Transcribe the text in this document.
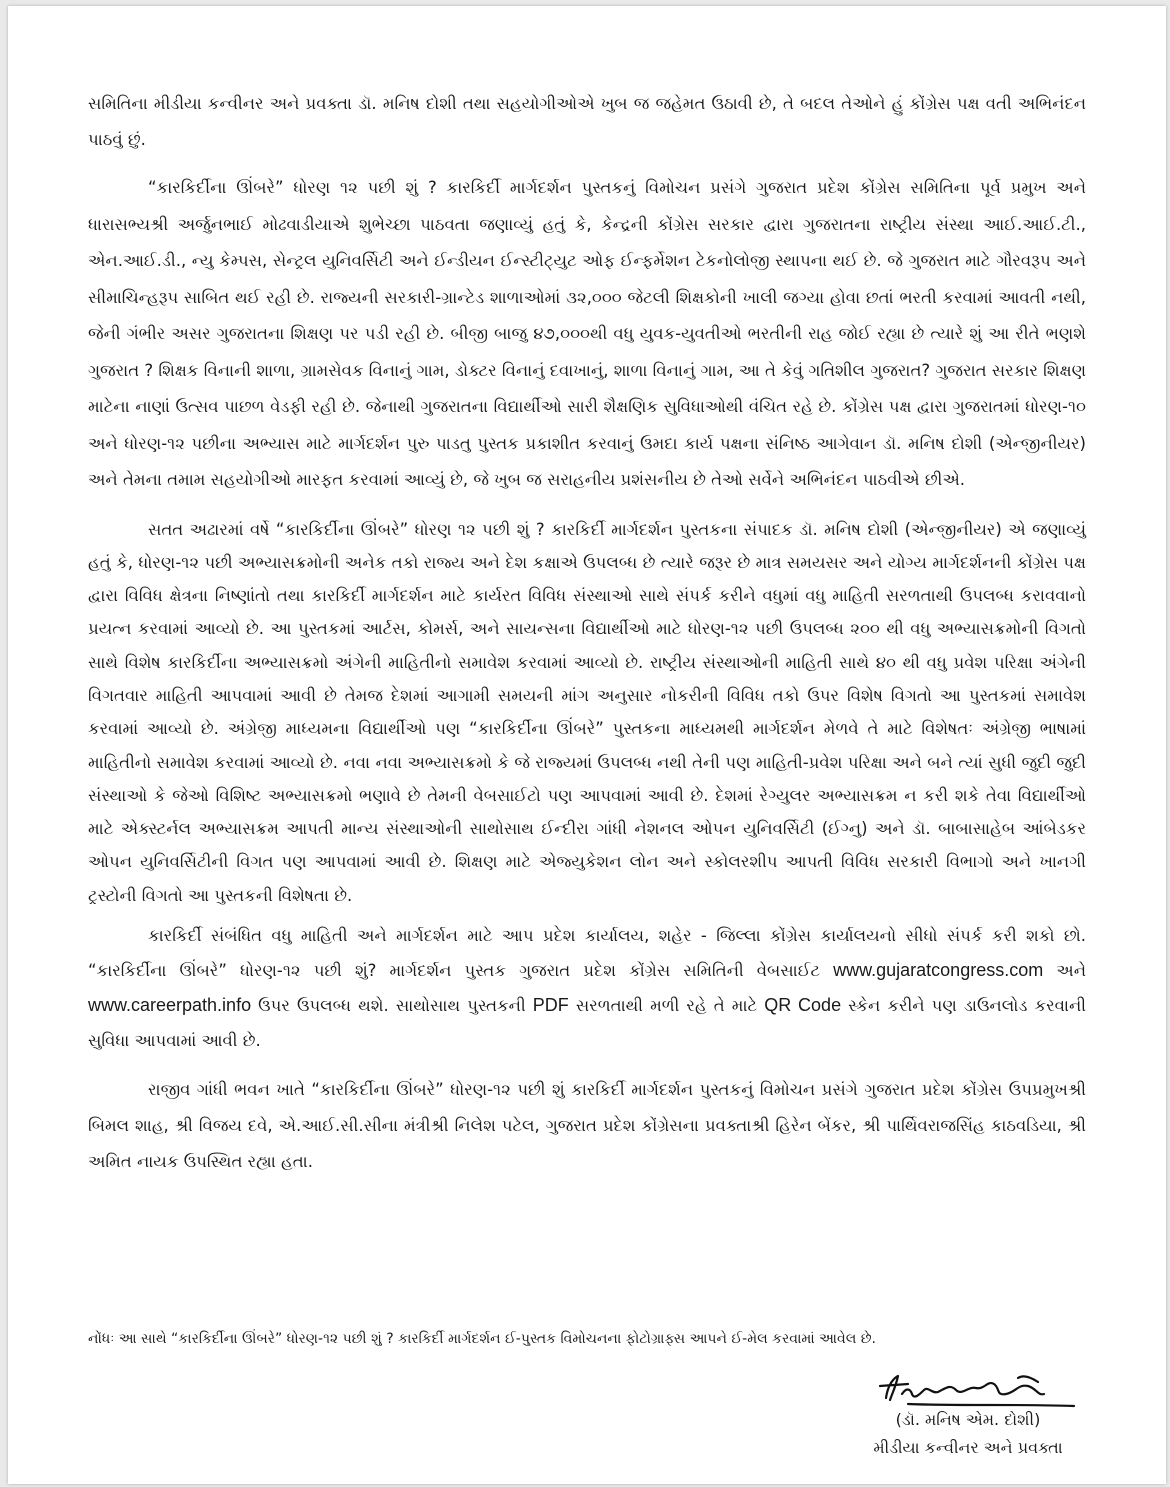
સમિતિના મીડીયા કન્વીનર અને પ્રવક્તા ડૉ. મનિષ દોશી તથા સહયોગીઓએ ખુબ જ જહેમત ઉઠાવી છે, તે બદલ તેઓને હું કોંગ્રેસ પક્ષ વતી અભિનંદન પાઠવું છું.

“કારકિર્દીના ઊંબરે” ધોરણ ૧૨ પછી શું ? કારકિર્દી માર્ગદર્શન પુસ્તકનું વિમોચન પ્રસંગે ગુજરાત પ્રદેશ કોંગ્રેસ સમિતિના પૂર્વ પ્રમુખ અને ધારાસભ્યશ્રી અર્જુનભાઈ મોઢવાડીયાએ શુભેચ્છા પાઠવતા જણાવ્યું હતું કે, કેન્દ્રની કોંગ્રેસ સરકાર દ્વારા ગુજરાતના રાષ્ટ્રીય સંસ્થા આઈ.આઈ.ટી., એન.આઈ.ડી., ન્યુ કેમ્પસ, સેન્ટ્રલ યુનિવર્સિટી અને ઈન્ડીયન ઈન્સ્ટીટ્યુટ ઓફ ઈન્ફર્મેશન ટેકનોલોજી સ્થાપના થઈ છે. જે ગુજરાત માટે ગૌરવરૂપ અને સીમાચિન્હરૂપ સાબિત થઈ રહી છે. રાજ્યની સરકારી-ગ્રાન્ટેડ શાળાઓમાં ૩૨,૦૦૦ જેટલી શિક્ષકોની ખાલી જગ્યા હોવા છતાં ભરતી કરવામાં આવતી નથી, જેની ગંભીર અસર ગુજરાતના શિક્ષણ પર પડી રહી છે. બીજી બાજુ ૪૭,૦૦૦થી વધુ યુવક-યુવતીઓ ભરતીની રાહ જોઈ રહ્યા છે ત્યારે શું આ રીતે ભણશે ગુજરાત ? શિક્ષક વિનાની શાળા, ગ્રામસેવક વિનાનું ગામ, ડોક્ટર વિનાનું દવાખાનું, શાળા વિનાનું ગામ, આ તે કેવું ગતિશીલ ગુજરાત? ગુજરાત સરકાર શિક્ષણ માટેના નાણાં ઉત્સવ પાછળ વેડફી રહી છે. જેનાથી ગુજરાતના વિદ્યાર્થીઓ સારી શૈક્ષણિક સુવિધાઓથી વંચિત રહે છે. કોંગ્રેસ પક્ષ દ્વારા ગુજરાતમાં ધોરણ-૧૦ અને ધોરણ-૧૨ પછીના અભ્યાસ માટે માર્ગદર્શન પુરુ પાડતુ પુસ્તક પ્રકાશીત કરવાનું ઉમદા કાર્ય પક્ષના સંનિષ્ઠ આગેવાન ડૉ. મનિષ દોશી (એન્જીનીયર) અને તેમના તમામ સહયોગીઓ મારફત કરવામાં આવ્યું છે, જે ખુબ જ સરાહનીય પ્રશંસનીય છે તેઓ સર્વેને અભિનંદન પાઠવીએ છીએ.

સતત અઢારમાં વર્ષે “કારકિર્દીના ઊંબરે” ધોરણ ૧૨ પછી શું ? કારકિર્દી માર્ગદર્શન પુસ્તકના સંપાદક ડૉ. મનિષ દોશી (એન્જીનીયર) એ જણાવ્યું હતું કે, ધોરણ-૧૨ પછી અભ્યાસક્રમોની અનેક તકો રાજ્ય અને દેશ કક્ષાએ ઉપલબ્ધ છે ત્યારે જરૂર છે માત્ર સમયસર અને યોગ્ય માર્ગદર્શનની કોંગ્રેસ પક્ષ દ્વારા વિવિધ ક્ષેત્રના નિષ્ણાંતો તથા કારકિર્દી માર્ગદર્શન માટે કાર્યરત વિવિધ સંસ્થાઓ સાથે સંપર્ક કરીને વધુમાં વધુ માહિતી સરળતાથી ઉપલબ્ધ કરાવવાનો પ્રયત્ન કરવામાં આવ્યો છે. આ પુસ્તકમાં આર્ટસ, કોમર્સ, અને સાયન્સના વિદ્યાર્થીઓ માટે ધોરણ-૧૨ પછી ઉપલબ્ધ ૨૦૦ થી વધુ અભ્યાસક્રમોની વિગતો સાથે વિશેષ કારકિર્દીના અભ્યાસક્રમો અંગેની માહિતીનો સમાવેશ કરવામાં આવ્યો છે. રાષ્ટ્રીય સંસ્થાઓની માહિતી સાથે ૪૦ થી વધુ પ્રવેશ પરિક્ષા અંગેની વિગતવાર માહિતી આપવામાં આવી છે તેમજ દેશમાં આગામી સમયની માંગ અનુસાર નોકરીની વિવિધ તકો ઉપર વિશેષ વિગતો આ પુસ્તકમાં સમાવેશ કરવામાં આવ્યો છે. અંગ્રેજી માધ્યમના વિદ્યાર્થીઓ પણ “કારકિર્દીના ઊંબરે” પુસ્તકના માધ્યમથી માર્ગદર્શન મેળવે તે માટે વિશેષતઃ અંગ્રેજી ભાષામાં માહિતીનો સમાવેશ કરવામાં આવ્યો છે. નવા નવા અભ્યાસક્રમો કે જે રાજ્યમાં ઉપલબ્ધ નથી તેની પણ માહિતી-પ્રવેશ પરિક્ષા અને બને ત્યાં સુધી જુદી જુદી સંસ્થાઓ કે જેઓ વિશિષ્ટ અભ્યાસક્રમો ભણાવે છે તેમની વેબસાઈટો પણ આપવામાં આવી છે. દેશમાં રેગ્યુલર અભ્યાસક્રમ ન કરી શકે તેવા વિદ્યાર્થીઓ માટે એક્સ્ટર્નલ અભ્યાસક્રમ આપતી માન્ય સંસ્થાઓની સાથોસાથ ઈન્દીરા ગાંધી નેશનલ ઓપન યુનિવર્સિટી (ઈગ્નુ) અને ડૉ. બાબાસાહેબ આંબેડકર ઓપન યુનિવર્સિટીની વિગત પણ આપવામાં આવી છે. શિક્ષણ માટે એજ્યુકેશન લોન અને સ્કોલરશીપ આપતી વિવિધ સરકારી વિભાગો અને ખાનગી ટ્રસ્ટોની વિગતો આ પુસ્તકની વિશેષતા છે.

કારકિર્દી સંબંધિત વધુ માહિતી અને માર્ગદર્શન માટે આપ પ્રદેશ કાર્યાલય, શહેર - જિલ્લા કોંગ્રેસ કાર્યાલયનો સીધો સંપર્ક કરી શકો છો. “કારકિર્દીના ઊંબરે” ધોરણ-૧૨ પછી શું? માર્ગદર્શન પુસ્તક ગુજરાત પ્રદેશ કોંગ્રેસ સમિતિની વેબસાઈટ www.gujaratcongress.com અને www.careerpath.info ઉપર ઉપલબ્ધ થશે. સાથોસાથ પુસ્તકની PDF સરળતાથી મળી રહે તે માટે QR Code સ્કેન કરીને પણ ડાઉનલોડ કરવાની સુવિધા આપવામાં આવી છે.

રાજીવ ગાંધી ભવન ખાતે “કારકિર્દીના ઊંબરે” ધોરણ-૧૨ પછી શું કારકિર્દી માર્ગદર્શન પુસ્તકનું વિમોચન પ્રસંગે ગુજરાત પ્રદેશ કોંગ્રેસ ઉપપ્રમુખશ્રી બિમલ શાહ, શ્રી વિજય દવે, એ.આઈ.સી.સીના મંત્રીશ્રી નિલેશ પટેલ, ગુજરાત પ્રદેશ કોંગ્રેસના પ્રવક્તાશ્રી હિરેન બેંકર, શ્રી પાર્થિવરાજસિંહ કાઠવડિયા, શ્રી અમિત નાયક ઉપસ્થિત રહ્યા હતા.

નોંધઃ આ સાથે “કારકિર્દીના ઊંબરે” ધોરણ-૧૨ પછી શું ? કારકિર્દી માર્ગદર્શન ઈ-પુસ્તક વિમોચનના ફોટોગ્રાફ્સ આપને ઈ-મેલ કરવામાં આવેલ છે.
(ડૉ. મનિષ એમ. દોશી)
મીડીયા કન્વીનર અને પ્રવક્તા
